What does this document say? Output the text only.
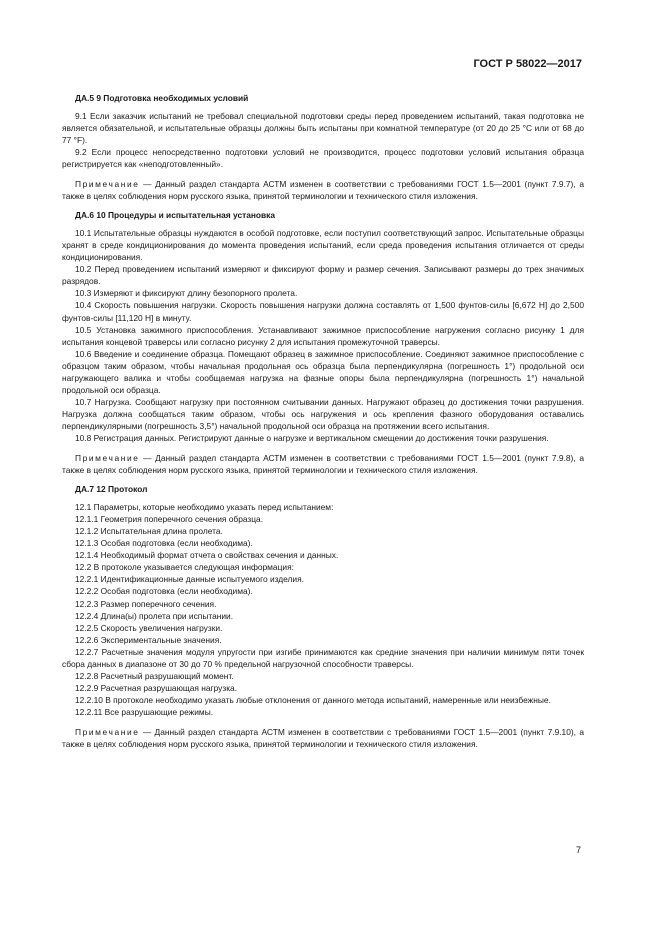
ГОСТ Р 58022—2017

ДА.5 9 Подготовка необходимых условий

9.1 Если заказчик испытаний не требовал специальной подготовки среды перед проведением испытаний, такая подготовка не является обязательной, и испытательные образцы должны быть испытаны при комнатной температуре (от 20 до 25 °С или от 68 до 77 °F).

9.2 Если процесс непосредственно подготовки условий не производится, процесс подготовки условий испытания образца регистрируется как «неподготовленный».

Примечание — Данный раздел стандарта АСТМ изменен в соответствии с требованиями ГОСТ 1.5—2001 (пункт 7.9.7), а также в целях соблюдения норм русского языка, принятой терминологии и технического стиля изложения.

ДА.6 10 Процедуры и испытательная установка

10.1 Испытательные образцы нуждаются в особой подготовке, если поступил соответствующий запрос. Испытательные образцы хранят в среде кондиционирования до момента проведения испытаний, если среда проведения испытания отличается от среды кондиционирования.

10.2 Перед проведением испытаний измеряют и фиксируют форму и размер сечения. Записывают размеры до трех значимых разрядов.

10.3 Измеряют и фиксируют длину безопорного пролета.

10.4 Скорость повышения нагрузки. Скорость повышения нагрузки должна составлять от 1,500 фунтов-силы [6,672 Н] до 2,500 фунтов-силы [11,120 Н] в минуту.

10.5 Установка зажимного приспособления. Устанавливают зажимное приспособление нагружения согласно рисунку 1 для испытания концевой траверсы или согласно рисунку 2 для испытания промежуточной траверсы.

10.6 Введение и соединение образца. Помещают образец в зажимное приспособление. Соединяют зажимное приспособление с образцом таким образом, чтобы начальная продольная ось образца была перпендикулярна (погрешность 1°) продольной оси нагружающего валика и чтобы сообщаемая нагрузка на фазные опоры была перпендикулярна (погрешность 1°) начальной продольной оси образца.

10.7 Нагрузка. Сообщают нагрузку при постоянном считывании данных. Нагружают образец до достижения точки разрушения. Нагрузка должна сообщаться таким образом, чтобы ось нагружения и ось крепления фазного оборудования оставались перпендикулярными (погрешность 3,5°) начальной продольной оси образца на протяжении всего испытания.

10.8 Регистрация данных. Регистрируют данные о нагрузке и вертикальном смещении до достижения точки разрушения.

Примечание — Данный раздел стандарта АСТМ изменен в соответствии с требованиями ГОСТ 1.5—2001 (пункт 7.9.8), а также в целях соблюдения норм русского языка, принятой терминологии и технического стиля изложения.

ДА.7 12 Протокол

12.1 Параметры, которые необходимо указать перед испытанием:

12.1.1 Геометрия поперечного сечения образца.

12.1.2 Испытательная длина пролета.

12.1.3 Особая подготовка (если необходима).

12.1.4 Необходимый формат отчета о свойствах сечения и данных.

12.2 В протоколе указывается следующая информация:

12.2.1 Идентификационные данные испытуемого изделия.

12.2.2 Особая подготовка (если необходима).

12.2.3 Размер поперечного сечения.

12.2.4 Длина(ы) пролета при испытании.

12.2.5 Скорость увеличения нагрузки.

12.2.6 Экспериментальные значения.

12.2.7 Расчетные значения модуля упругости при изгибе принимаются как средние значения при наличии минимум пяти точек сбора данных в диапазоне от 30 до 70 % предельной нагрузочной способности траверсы.

12.2.8 Расчетный разрушающий момент.

12.2.9 Расчетная разрушающая нагрузка.

12.2.10 В протоколе необходимо указать любые отклонения от данного метода испытаний, намеренные или неизбежные.

12.2.11 Все разрушающие режимы.

Примечание — Данный раздел стандарта АСТМ изменен в соответствии с требованиями ГОСТ 1.5—2001 (пункт 7.9.10), а также в целях соблюдения норм русского языка, принятой терминологии и технического стиля изложения.

7
